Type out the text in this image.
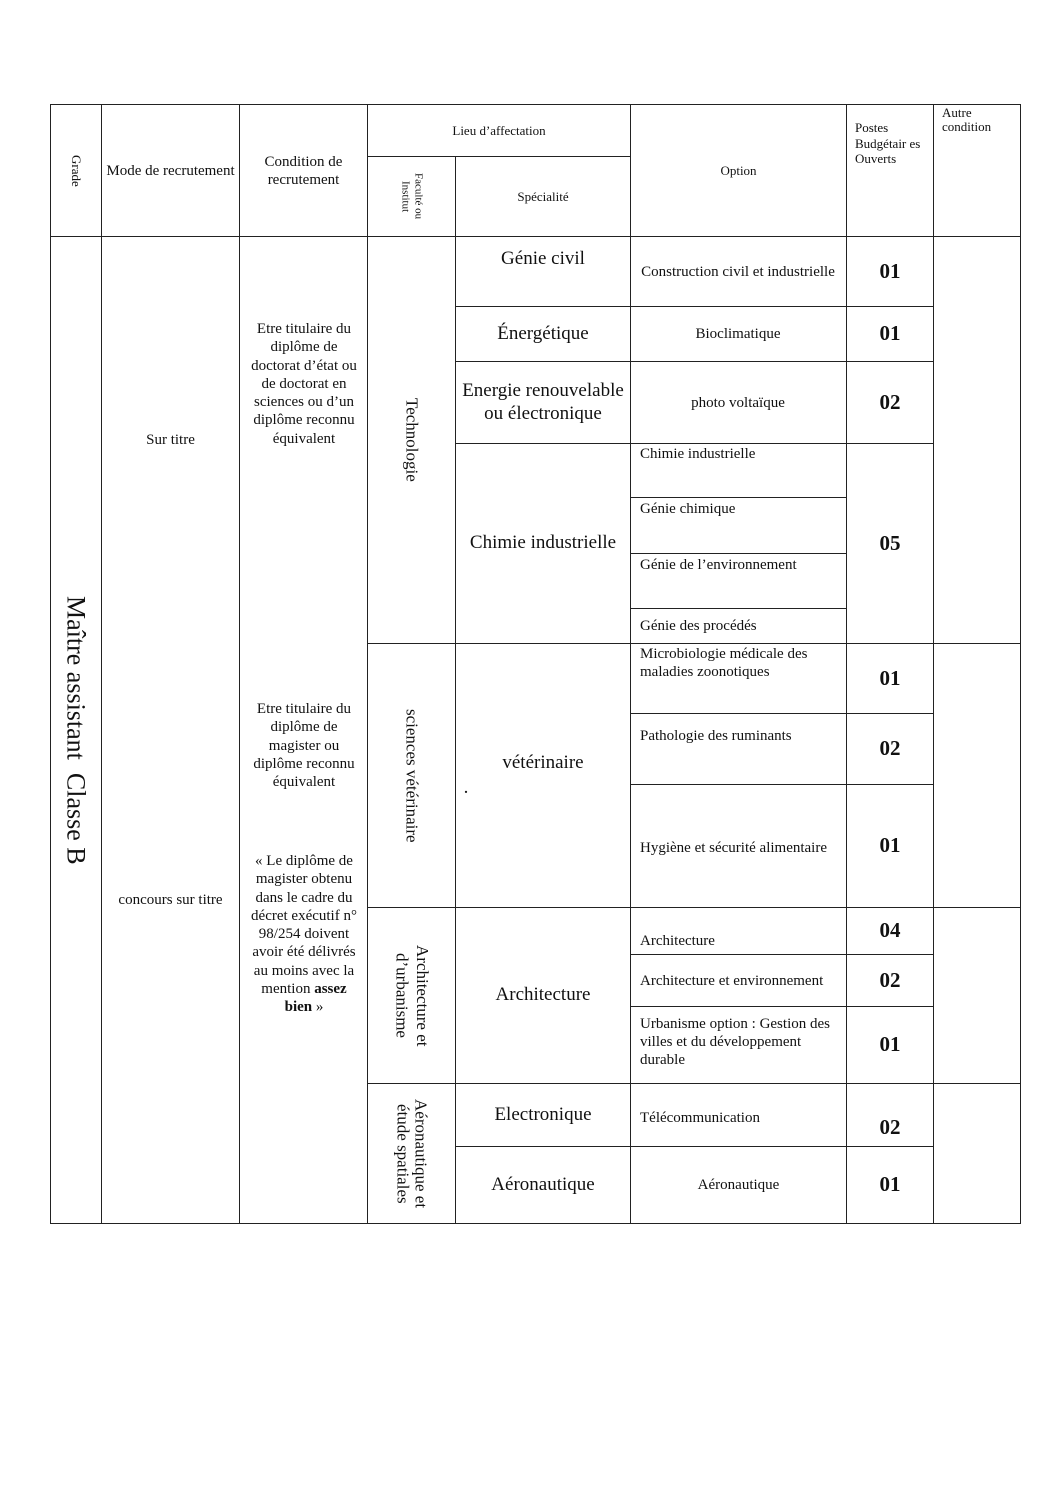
Grade Mode de recrutement
Condition de recrutement
Lieu d’affectation
Faculté ou Institut	Spécialité
Option
Postes Budgétair es Ouverts
Autre condition
Maître assistant  Classe B
Sur titre
concours sur titre
Etre titulaire du diplôme de doctorat d’état ou de doctorat en sciences ou d’un diplôme reconnu équivalent
Etre titulaire du diplôme de magister ou diplôme reconnu équivalent
« Le diplôme de magister obtenu dans le cadre du décret exécutif n° 98/254 doivent avoir été délivrés au moins avec la mention assez bien »
Technologie
sciences vétérinaire
Architecture et d’urbanisme
Aéronautique et étude spatiales
Génie civil
Énergétique
Energie renouvelable ou électronique
Chimie industrielle
vétérinaire
.
Architecture
Electronique
Aéronautique
Construction civil et industrielle
Bioclimatique
photo voltaïque
Chimie industrielle
Génie chimique
Génie de l’environnement
Génie des procédés
Microbiologie médicale des maladies zoonotiques
Pathologie des ruminants
Hygiène et sécurité alimentaire
Architecture
Architecture et environnement
Urbanisme option : Gestion des villes et du développement durable
Télécommunication
Aéronautique
01
01
02
05
01
02
01
04
02
01
02
01
